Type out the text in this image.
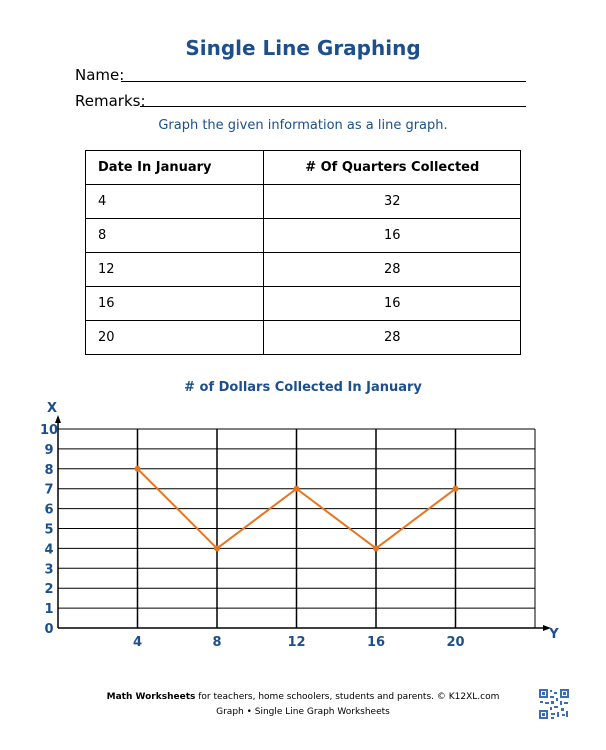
Single Line Graphing
Name:
Remarks:
Graph the given information as a line graph.
Date In January	# Of Quarters Collected
4	32
8	16
12	28
16	16
20	28
# of Dollars Collected In January
X
Y
0
1
2
3
4
5
6
7
8
9
10
4	8	12	16	20
Math Worksheets for teachers, home schoolers, students and parents. © K12XL.com
Graph • Single Line Graph Worksheets
